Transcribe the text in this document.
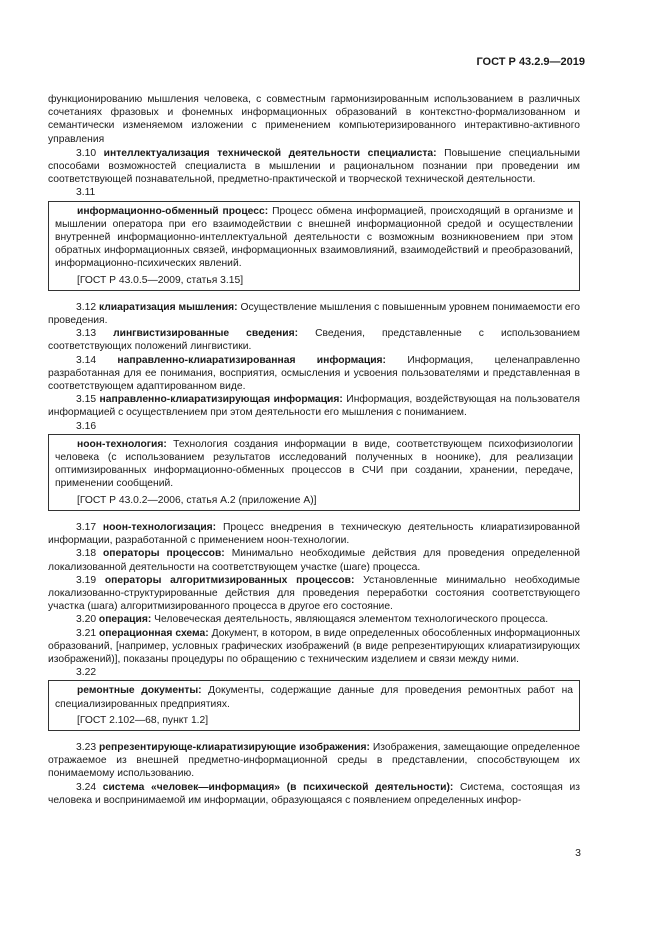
ГОСТ Р 43.2.9—2019

функционированию мышления человека, с совместным гармонизированным использованием в различных сочетаниях фразовых и фонемных информационных образований в контекстно-формализованном и семантически изменяемом изложении с применением компьютеризированного интерактивно-активного управления

3.10 интеллектуализация технической деятельности специалиста: Повышение специальными способами возможностей специалиста в мышлении и рациональном познании при проведении им соответствующей познавательной, предметно-практической и творческой технической деятельности.

3.11

информационно-обменный процесс: Процесс обмена информацией, происходящий в организме и мышлении оператора при его взаимодействии с внешней информационной средой и осуществлении внутренней информационно-интеллектуальной деятельности с возможным возникновением при этом обратных информационных связей, информационных взаимовлияний, взаимодействий и преобразований, информационно-психических явлений.

[ГОСТ Р 43.0.5—2009, статья 3.15]

3.12 клиаратизация мышления: Осуществление мышления с повышенным уровнем понимаемости его проведения.

3.13 лингвистизированные сведения: Сведения, представленные с использованием соответствующих положений лингвистики.

3.14 направленно-клиаратизированная информация: Информация, целенаправленно разработанная для ее понимания, восприятия, осмысления и усвоения пользователями и представленная в соответствующем адаптированном виде.

3.15 направленно-клиаратизирующая информация: Информация, воздействующая на пользователя информацией с осуществлением при этом деятельности его мышления с пониманием.

3.16

ноон-технология: Технология создания информации в виде, соответствующем психофизиологии человека (с использованием результатов исследований полученных в ноонике), для реализации оптимизированных информационно-обменных процессов в СЧИ при создании, хранении, передаче, применении сообщений.

[ГОСТ Р 43.0.2—2006, статья А.2 (приложение А)]

3.17 ноон-технологизация: Процесс внедрения в техническую деятельность клиаратизированной информации, разработанной с применением ноон-технологии.

3.18 операторы процессов: Минимально необходимые действия для проведения определенной локализованной деятельности на соответствующем участке (шаге) процесса.

3.19 операторы алгоритмизированных процессов: Установленные минимально необходимые локализованно-структурированные действия для проведения переработки состояния соответствующего участка (шага) алгоритмизированного процесса в другое его состояние.

3.20 операция: Человеческая деятельность, являющаяся элементом технологического процесса.

3.21 операционная схема: Документ, в котором, в виде определенных обособленных информационных образований, [например, условных графических изображений (в виде репрезентирующих клиаратизирующих изображений)], показаны процедуры по обращению с техническим изделием и связи между ними.

3.22

ремонтные документы: Документы, содержащие данные для проведения ремонтных работ на специализированных предприятиях.

[ГОСТ 2.102—68, пункт 1.2]

3.23 репрезентирующе-клиаратизирующие изображения: Изображения, замещающие определенное отражаемое из внешней предметно-информационной среды в представлении, способствующем их понимаемому использованию.

3.24 система «человек—информация» (в психической деятельности): Система, состоящая из человека и воспринимаемой им информации, образующаяся с появлением определенных инфор-

3
